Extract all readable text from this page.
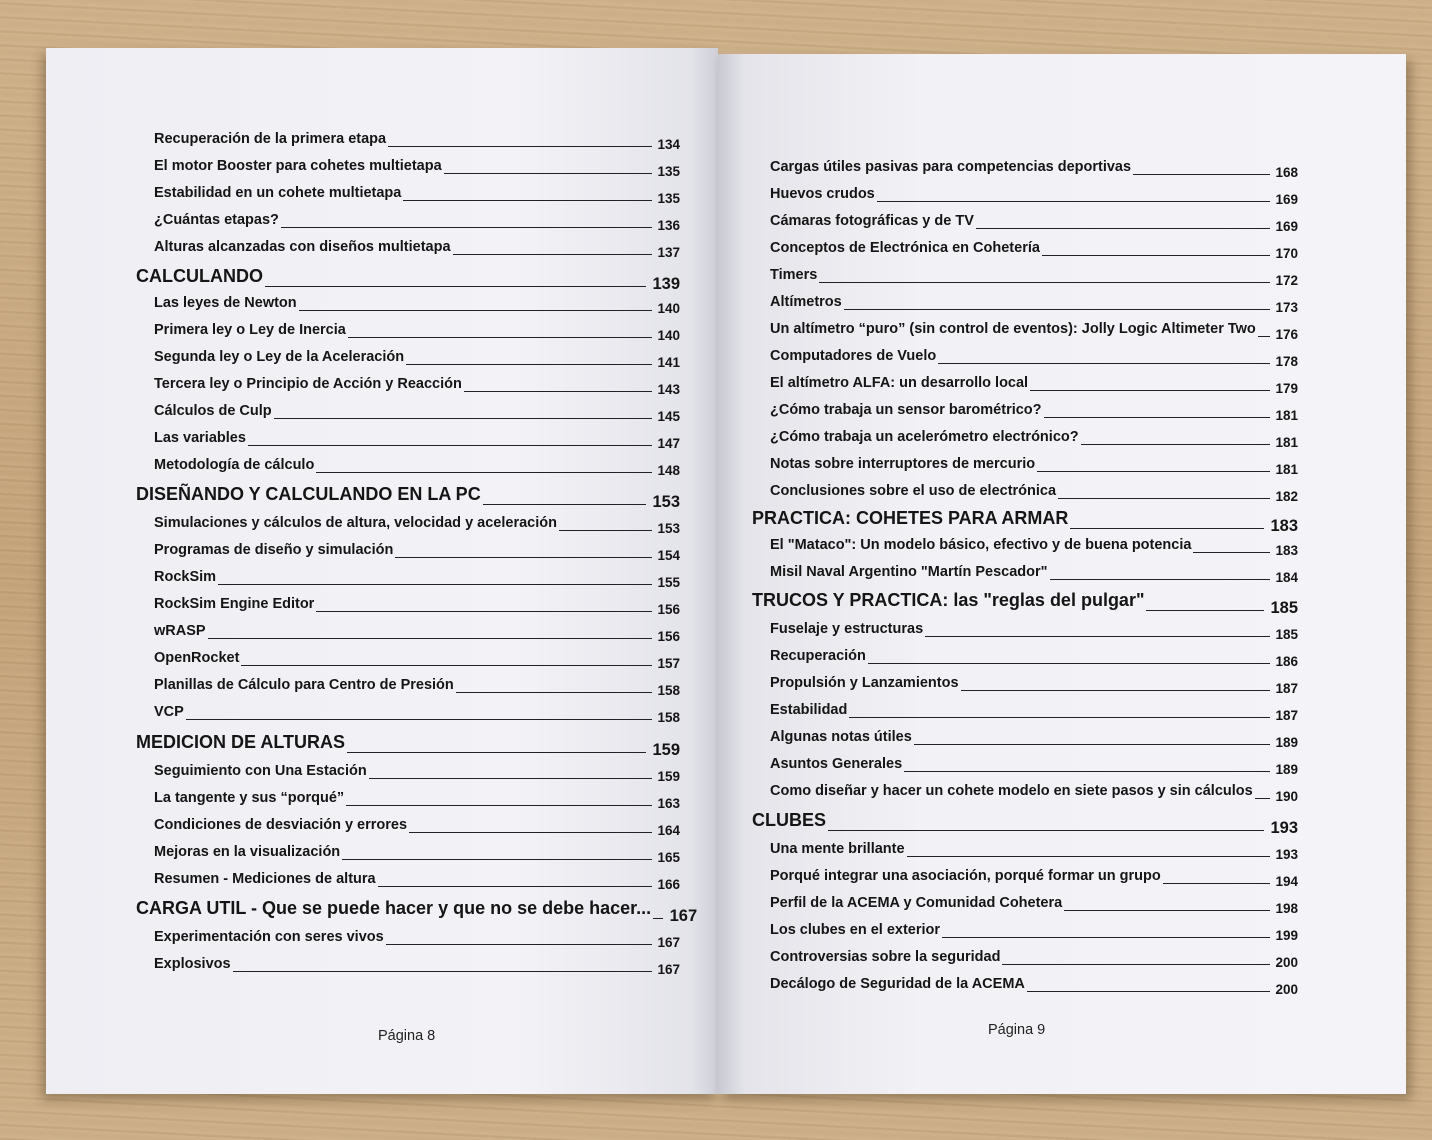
Recuperación de la primera etapa	134
El motor Booster para cohetes multietapa	135
Estabilidad en un cohete multietapa	135
¿Cuántas etapas?	136
Alturas alcanzadas con diseños multietapa	137
CALCULANDO	139
Las leyes de Newton	140
Primera ley o Ley de Inercia	140
Segunda ley o Ley de la Aceleración	141
Tercera ley o Principio de Acción y Reacción	143
Cálculos de Culp	145
Las variables	147
Metodología de cálculo	148
DISEÑANDO Y CALCULANDO EN LA PC	153
Simulaciones y cálculos de altura, velocidad y aceleración	153
Programas de diseño y simulación	154
RockSim	155
RockSim Engine Editor	156
wRASP	156
OpenRocket	157
Planillas de Cálculo para Centro de Presión	158
VCP	158
MEDICION DE ALTURAS	159
Seguimiento con Una Estación	159
La tangente y sus “porqué”	163
Condiciones de desviación y errores	164
Mejoras en la visualización	165
Resumen - Mediciones de altura	166
CARGA UTIL - Que se puede hacer y que no se debe hacer... 167
Experimentación con seres vivos	167
Explosivos	167
Página 8
Cargas útiles pasivas para competencias deportivas	168
Huevos crudos	169
Cámaras fotográficas y de TV	169
Conceptos de Electrónica en Cohetería	170
Timers	172
Altímetros	173
Un altímetro “puro” (sin control de eventos): Jolly Logic Altimeter Two 176
Computadores de Vuelo	178
El altímetro ALFA: un desarrollo local	179
¿Cómo trabaja un sensor barométrico?	181
¿Cómo trabaja un acelerómetro electrónico?	181
Notas sobre interruptores de mercurio	181
Conclusiones sobre el uso de electrónica	182
PRACTICA: COHETES PARA ARMAR	183
El "Mataco": Un modelo básico, efectivo y de buena potencia	183
Misil Naval Argentino "Martín Pescador"	184
TRUCOS Y PRACTICA: las "reglas del pulgar"	185
Fuselaje y estructuras	185
Recuperación	186
Propulsión y Lanzamientos	187
Estabilidad	187
Algunas notas útiles	189
Asuntos Generales	189
Como diseñar y hacer un cohete modelo en siete pasos y sin cálculos 190
CLUBES	193
Una mente brillante	193
Porqué integrar una asociación, porqué formar un grupo	194
Perfil de la ACEMA y Comunidad Cohetera	198
Los clubes en el exterior	199
Controversias sobre la seguridad	200
Decálogo de Seguridad de la ACEMA	200
Página 9
